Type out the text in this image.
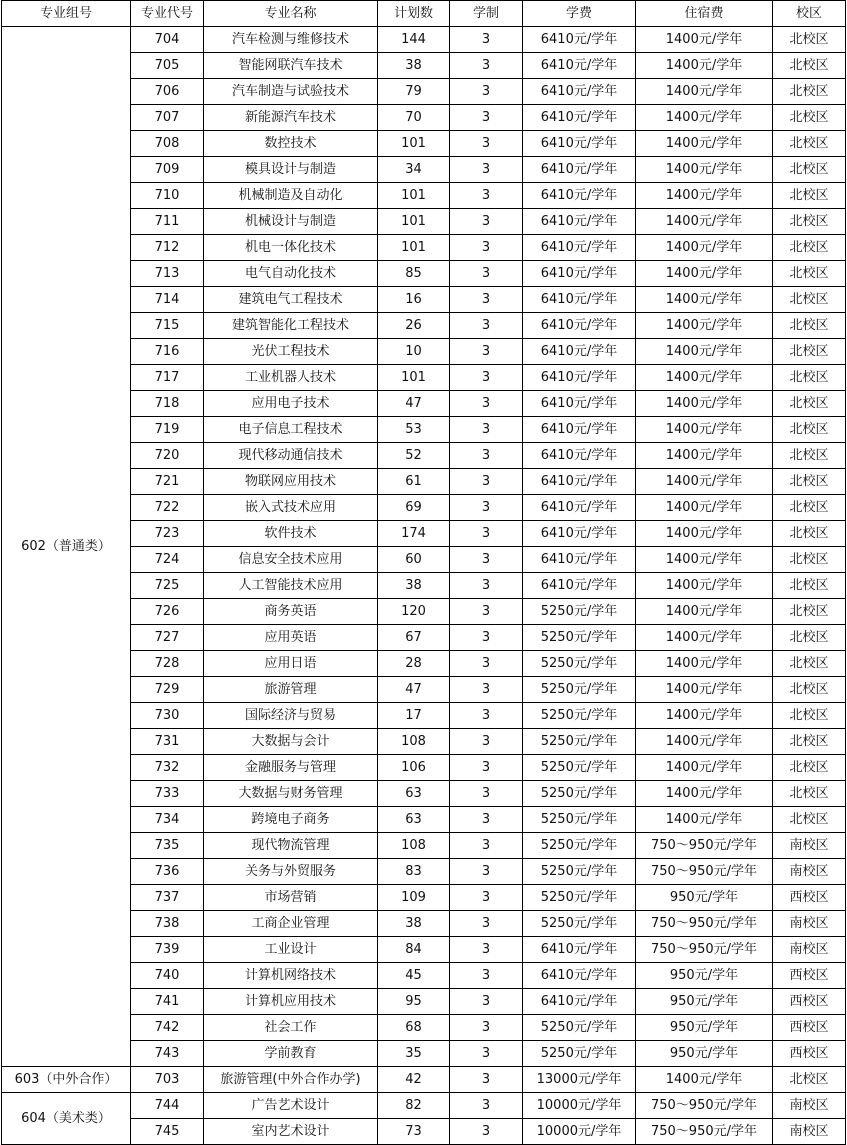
专业组号	专业代号	专业名称	计划数	学制	学费	住宿费	校区
602（普通类）	704	汽车检测与维修技术	144	3	6410元/学年	1400元/学年	北校区
	705	智能网联汽车技术	38	3	6410元/学年	1400元/学年	北校区
	706	汽车制造与试验技术	79	3	6410元/学年	1400元/学年	北校区
	707	新能源汽车技术	70	3	6410元/学年	1400元/学年	北校区
	708	数控技术	101	3	6410元/学年	1400元/学年	北校区
	709	模具设计与制造	34	3	6410元/学年	1400元/学年	北校区
	710	机械制造及自动化	101	3	6410元/学年	1400元/学年	北校区
	711	机械设计与制造	101	3	6410元/学年	1400元/学年	北校区
	712	机电一体化技术	101	3	6410元/学年	1400元/学年	北校区
	713	电气自动化技术	85	3	6410元/学年	1400元/学年	北校区
	714	建筑电气工程技术	16	3	6410元/学年	1400元/学年	北校区
	715	建筑智能化工程技术	26	3	6410元/学年	1400元/学年	北校区
	716	光伏工程技术	10	3	6410元/学年	1400元/学年	北校区
	717	工业机器人技术	101	3	6410元/学年	1400元/学年	北校区
	718	应用电子技术	47	3	6410元/学年	1400元/学年	北校区
	719	电子信息工程技术	53	3	6410元/学年	1400元/学年	北校区
	720	现代移动通信技术	52	3	6410元/学年	1400元/学年	北校区
	721	物联网应用技术	61	3	6410元/学年	1400元/学年	北校区
	722	嵌入式技术应用	69	3	6410元/学年	1400元/学年	北校区
	723	软件技术	174	3	6410元/学年	1400元/学年	北校区
	724	信息安全技术应用	60	3	6410元/学年	1400元/学年	北校区
	725	人工智能技术应用	38	3	6410元/学年	1400元/学年	北校区
	726	商务英语	120	3	5250元/学年	1400元/学年	北校区
	727	应用英语	67	3	5250元/学年	1400元/学年	北校区
	728	应用日语	28	3	5250元/学年	1400元/学年	北校区
	729	旅游管理	47	3	5250元/学年	1400元/学年	北校区
	730	国际经济与贸易	17	3	5250元/学年	1400元/学年	北校区
	731	大数据与会计	108	3	5250元/学年	1400元/学年	北校区
	732	金融服务与管理	106	3	5250元/学年	1400元/学年	北校区
	733	大数据与财务管理	63	3	5250元/学年	1400元/学年	北校区
	734	跨境电子商务	63	3	5250元/学年	1400元/学年	北校区
	735	现代物流管理	108	3	5250元/学年	750～950元/学年	南校区
	736	关务与外贸服务	83	3	5250元/学年	750～950元/学年	南校区
	737	市场营销	109	3	5250元/学年	950元/学年	西校区
	738	工商企业管理	38	3	5250元/学年	750～950元/学年	南校区
	739	工业设计	84	3	6410元/学年	750～950元/学年	南校区
	740	计算机网络技术	45	3	6410元/学年	950元/学年	西校区
	741	计算机应用技术	95	3	6410元/学年	950元/学年	西校区
	742	社会工作	68	3	5250元/学年	950元/学年	西校区
	743	学前教育	35	3	5250元/学年	950元/学年	西校区
603（中外合作）	703	旅游管理(中外合作办学)	42	3	13000元/学年	1400元/学年	北校区
604（美术类）	744	广告艺术设计	82	3	10000元/学年	750～950元/学年	南校区
	745	室内艺术设计	73	3	10000元/学年	750～950元/学年	南校区
